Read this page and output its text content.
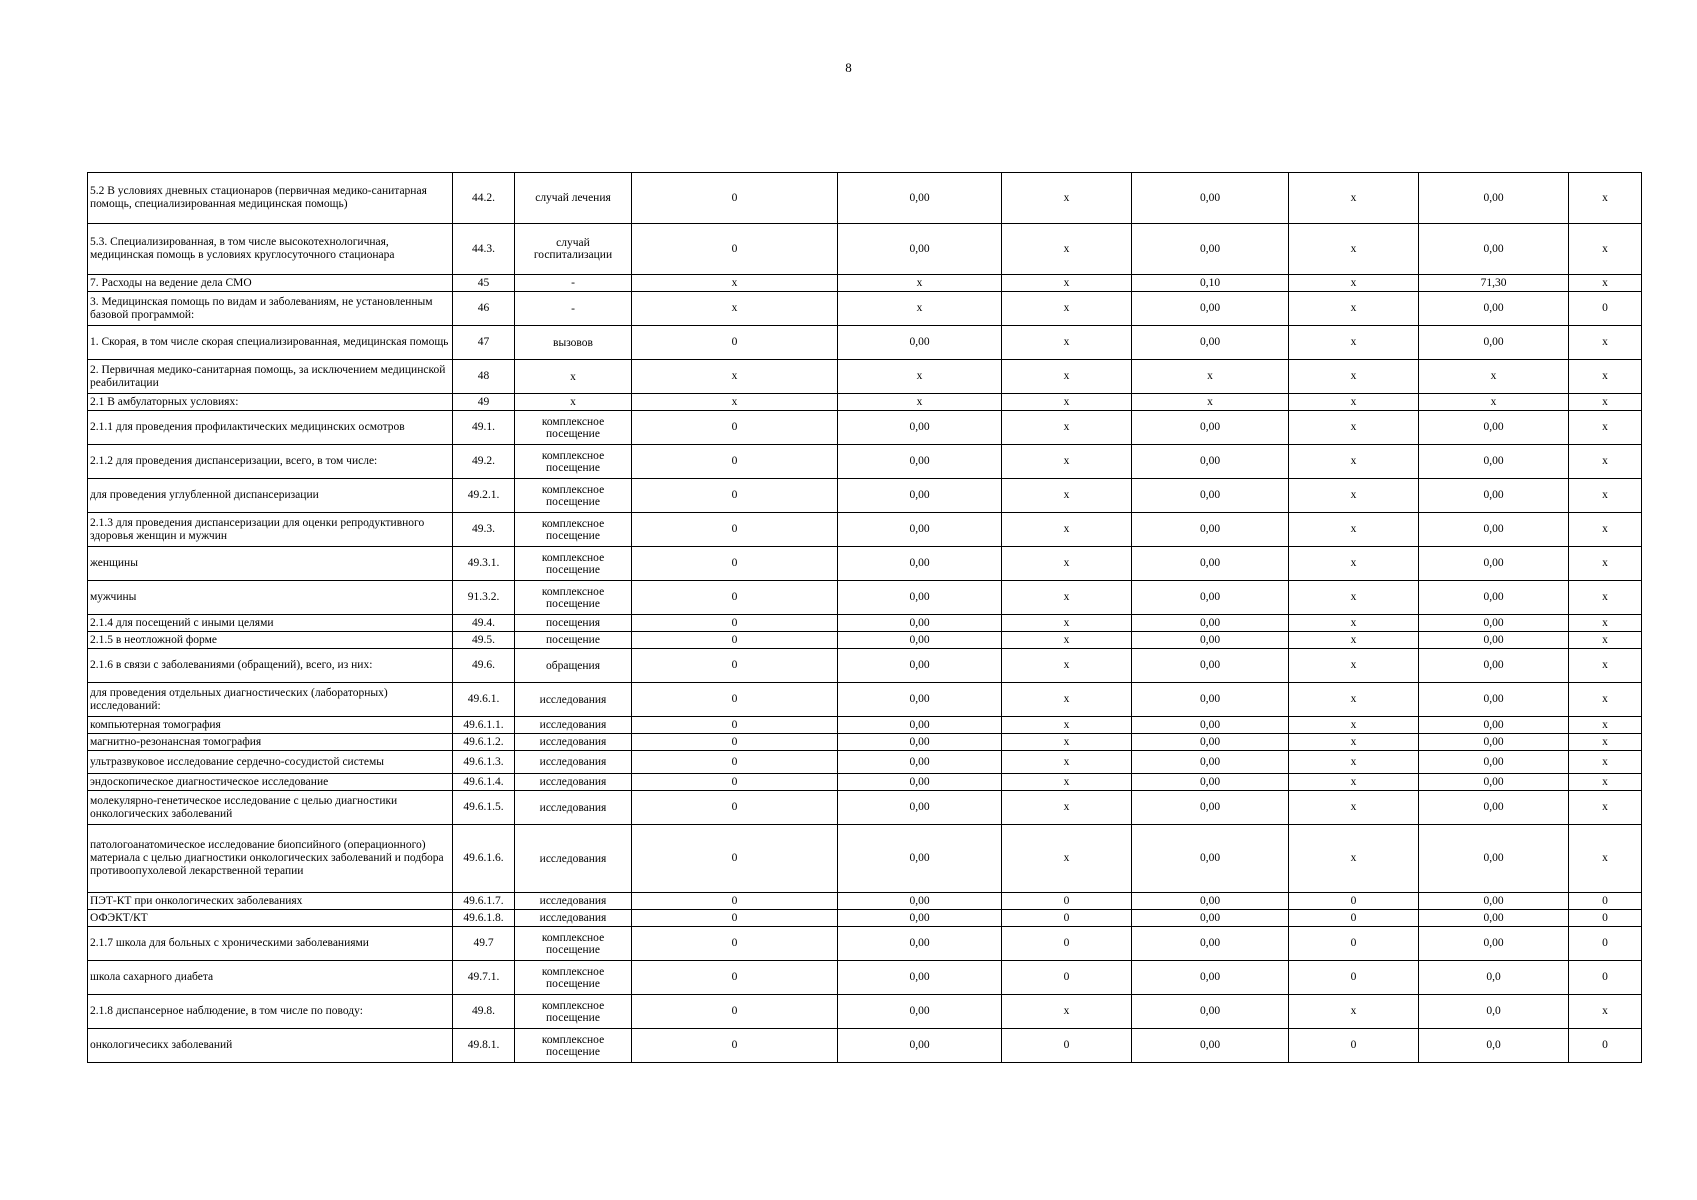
8
5.2 В условиях дневных стационаров (первичная медико-санитарная помощь, специализированная медицинская помощь)	44.2.	случай лечения	0	0,00	х	0,00	х	0,00	х
5.3. Специализированная, в том числе высокотехнологичная, медицинская помощь в условиях круглосуточного стационара	44.3.	случай госпитализации	0	0,00	х	0,00	х	0,00	х
7. Расходы на ведение дела СМО	45	-	х	х	х	0,10	х	71,30	х
3. Медицинская помощь по видам и заболеваниям, не установленным базовой программой:	46	-	х	х	х	0,00	х	0,00	0
1. Скорая, в том числе скорая специализированная, медицинская помощь	47	вызовов	0	0,00	х	0,00	х	0,00	х
2. Первичная медико-санитарная помощь, за исключением медицинской реабилитации	48	х	х	х	х	х	х	х	х
2.1 В амбулаторных условиях:	49	х	х	х	х	х	х	х	х
2.1.1 для проведения профилактических медицинских осмотров	49.1.	комплексное посещение	0	0,00	х	0,00	х	0,00	х
2.1.2 для проведения диспансеризации, всего, в том числе:	49.2.	комплексное посещение	0	0,00	х	0,00	х	0,00	х
для проведения углубленной диспансеризации	49.2.1.	комплексное посещение	0	0,00	х	0,00	х	0,00	х
2.1.3 для проведения диспансеризации для оценки репродуктивного здоровья женщин и мужчин	49.3.	комплексное посещение	0	0,00	х	0,00	х	0,00	х
женщины	49.3.1.	комплексное посещение	0	0,00	х	0,00	х	0,00	х
мужчины	91.3.2.	комплексное посещение	0	0,00	х	0,00	х	0,00	х
2.1.4 для посещений с иными целями	49.4.	посещения	0	0,00	х	0,00	х	0,00	х
2.1.5 в неотложной форме	49.5.	посещение	0	0,00	х	0,00	х	0,00	х
2.1.6 в связи с заболеваниями (обращений), всего, из них:	49.6.	обращения	0	0,00	х	0,00	х	0,00	х
для проведения отдельных диагностических (лабораторных) исследований:	49.6.1.	исследования	0	0,00	х	0,00	х	0,00	х
компьютерная томография	49.6.1.1.	исследования	0	0,00	х	0,00	х	0,00	х
магнитно-резонансная томография	49.6.1.2.	исследования	0	0,00	х	0,00	х	0,00	х
ультразвуковое исследование сердечно-сосудистой системы	49.6.1.3.	исследования	0	0,00	х	0,00	х	0,00	х
эндоскопическое диагностическое исследование	49.6.1.4.	исследования	0	0,00	х	0,00	х	0,00	х
молекулярно-генетическое исследование с целью диагностики онкологических заболеваний	49.6.1.5.	исследования	0	0,00	х	0,00	х	0,00	х
патологоанатомическое исследование биопсийного (операционного) материала с целью диагностики онкологических заболеваний и подбора противоопухолевой лекарственной терапии	49.6.1.6.	исследования	0	0,00	х	0,00	х	0,00	х
ПЭТ-КТ при онкологических заболеваниях	49.6.1.7.	исследования	0	0,00	0	0,00	0	0,00	0
ОФЭКТ/КТ	49.6.1.8.	исследования	0	0,00	0	0,00	0	0,00	0
2.1.7 школа для больных с хроническими заболеваниями	49.7	комплексное посещение	0	0,00	0	0,00	0	0,00	0
школа сахарного диабета	49.7.1.	комплексное посещение	0	0,00	0	0,00	0	0,0	0
2.1.8 диспансерное наблюдение, в том числе по поводу:	49.8.	комплексное посещение	0	0,00	х	0,00	х	0,0	х
онкологичесикх заболеваний	49.8.1.	комплексное посещение	0	0,00	0	0,00	0	0,0	0
